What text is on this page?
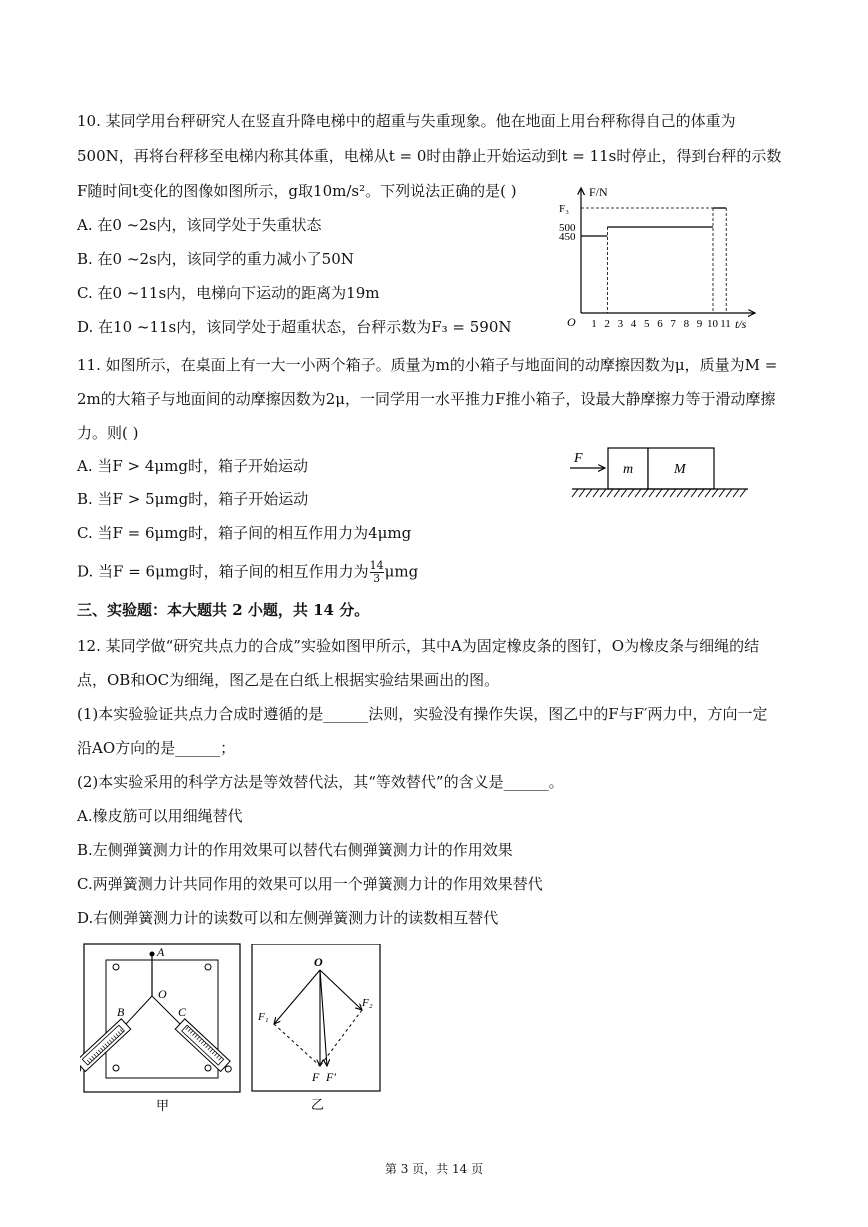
10. 某同学用台秤研究人在竖直升降电梯中的超重与失重现象。他在地面上用台秤称得自己的体重为
500N，再将台秤移至电梯内称其体重，电梯从t = 0时由静止开始运动到t = 11s时停止，得到台秤的示数
F随时间t变化的图像如图所示，g取10m/s²。下列说法正确的是( )
A. 在0 ~2s内，该同学处于失重状态
B. 在0 ~2s内，该同学的重力减小了50N
C. 在0 ~11s内，电梯向下运动的距离为19m
D. 在10 ~11s内，该同学处于超重状态，台秤示数为F₃ = 590N
F/N
t/s
O
F₃
500
450
1 2 3 4 5 6 7 8 9 10 11
11. 如图所示，在桌面上有一大一小两个箱子。质量为m的小箱子与地面间的动摩擦因数为μ，质量为M =
2m的大箱子与地面间的动摩擦因数为2μ，一同学用一水平推力F推小箱子，设最大静摩擦力等于滑动摩擦
力。则( )
A. 当F > 4μmg时，箱子开始运动
B. 当F > 5μmg时，箱子开始运动
C. 当F = 6μmg时，箱子间的相互作用力为4μmg
D. 当F = 6μmg时，箱子间的相互作用力为 $\frac{14}{3}$ μmg
F
m	M
三、实验题：本大题共 2 小题，共 14 分。
12. 某同学做“研究共点力的合成”实验如图甲所示，其中A为固定橡皮条的图钉，O为橡皮条与细绳的结
点，OB和OC为细绳，图乙是在白纸上根据实验结果画出的图。
(1)本实验验证共点力合成时遵循的是______法则，实验没有操作失误，图乙中的F与F′两力中，方向一定
沿AO方向的是______；
(2)本实验采用的科学方法是等效替代法，其“等效替代”的含义是______。
A.橡皮筋可以用细绳替代
B.左侧弹簧测力计的作用效果可以替代右侧弹簧测力计的作用效果
C.两弹簧测力计共同作用的效果可以用一个弹簧测力计的作用效果替代
D.右侧弹簧测力计的读数可以和左侧弹簧测力计的读数相互替代
A
O
B	C
甲
O
F₁
F₂
F F′
乙
第 3 页，共 14 页
